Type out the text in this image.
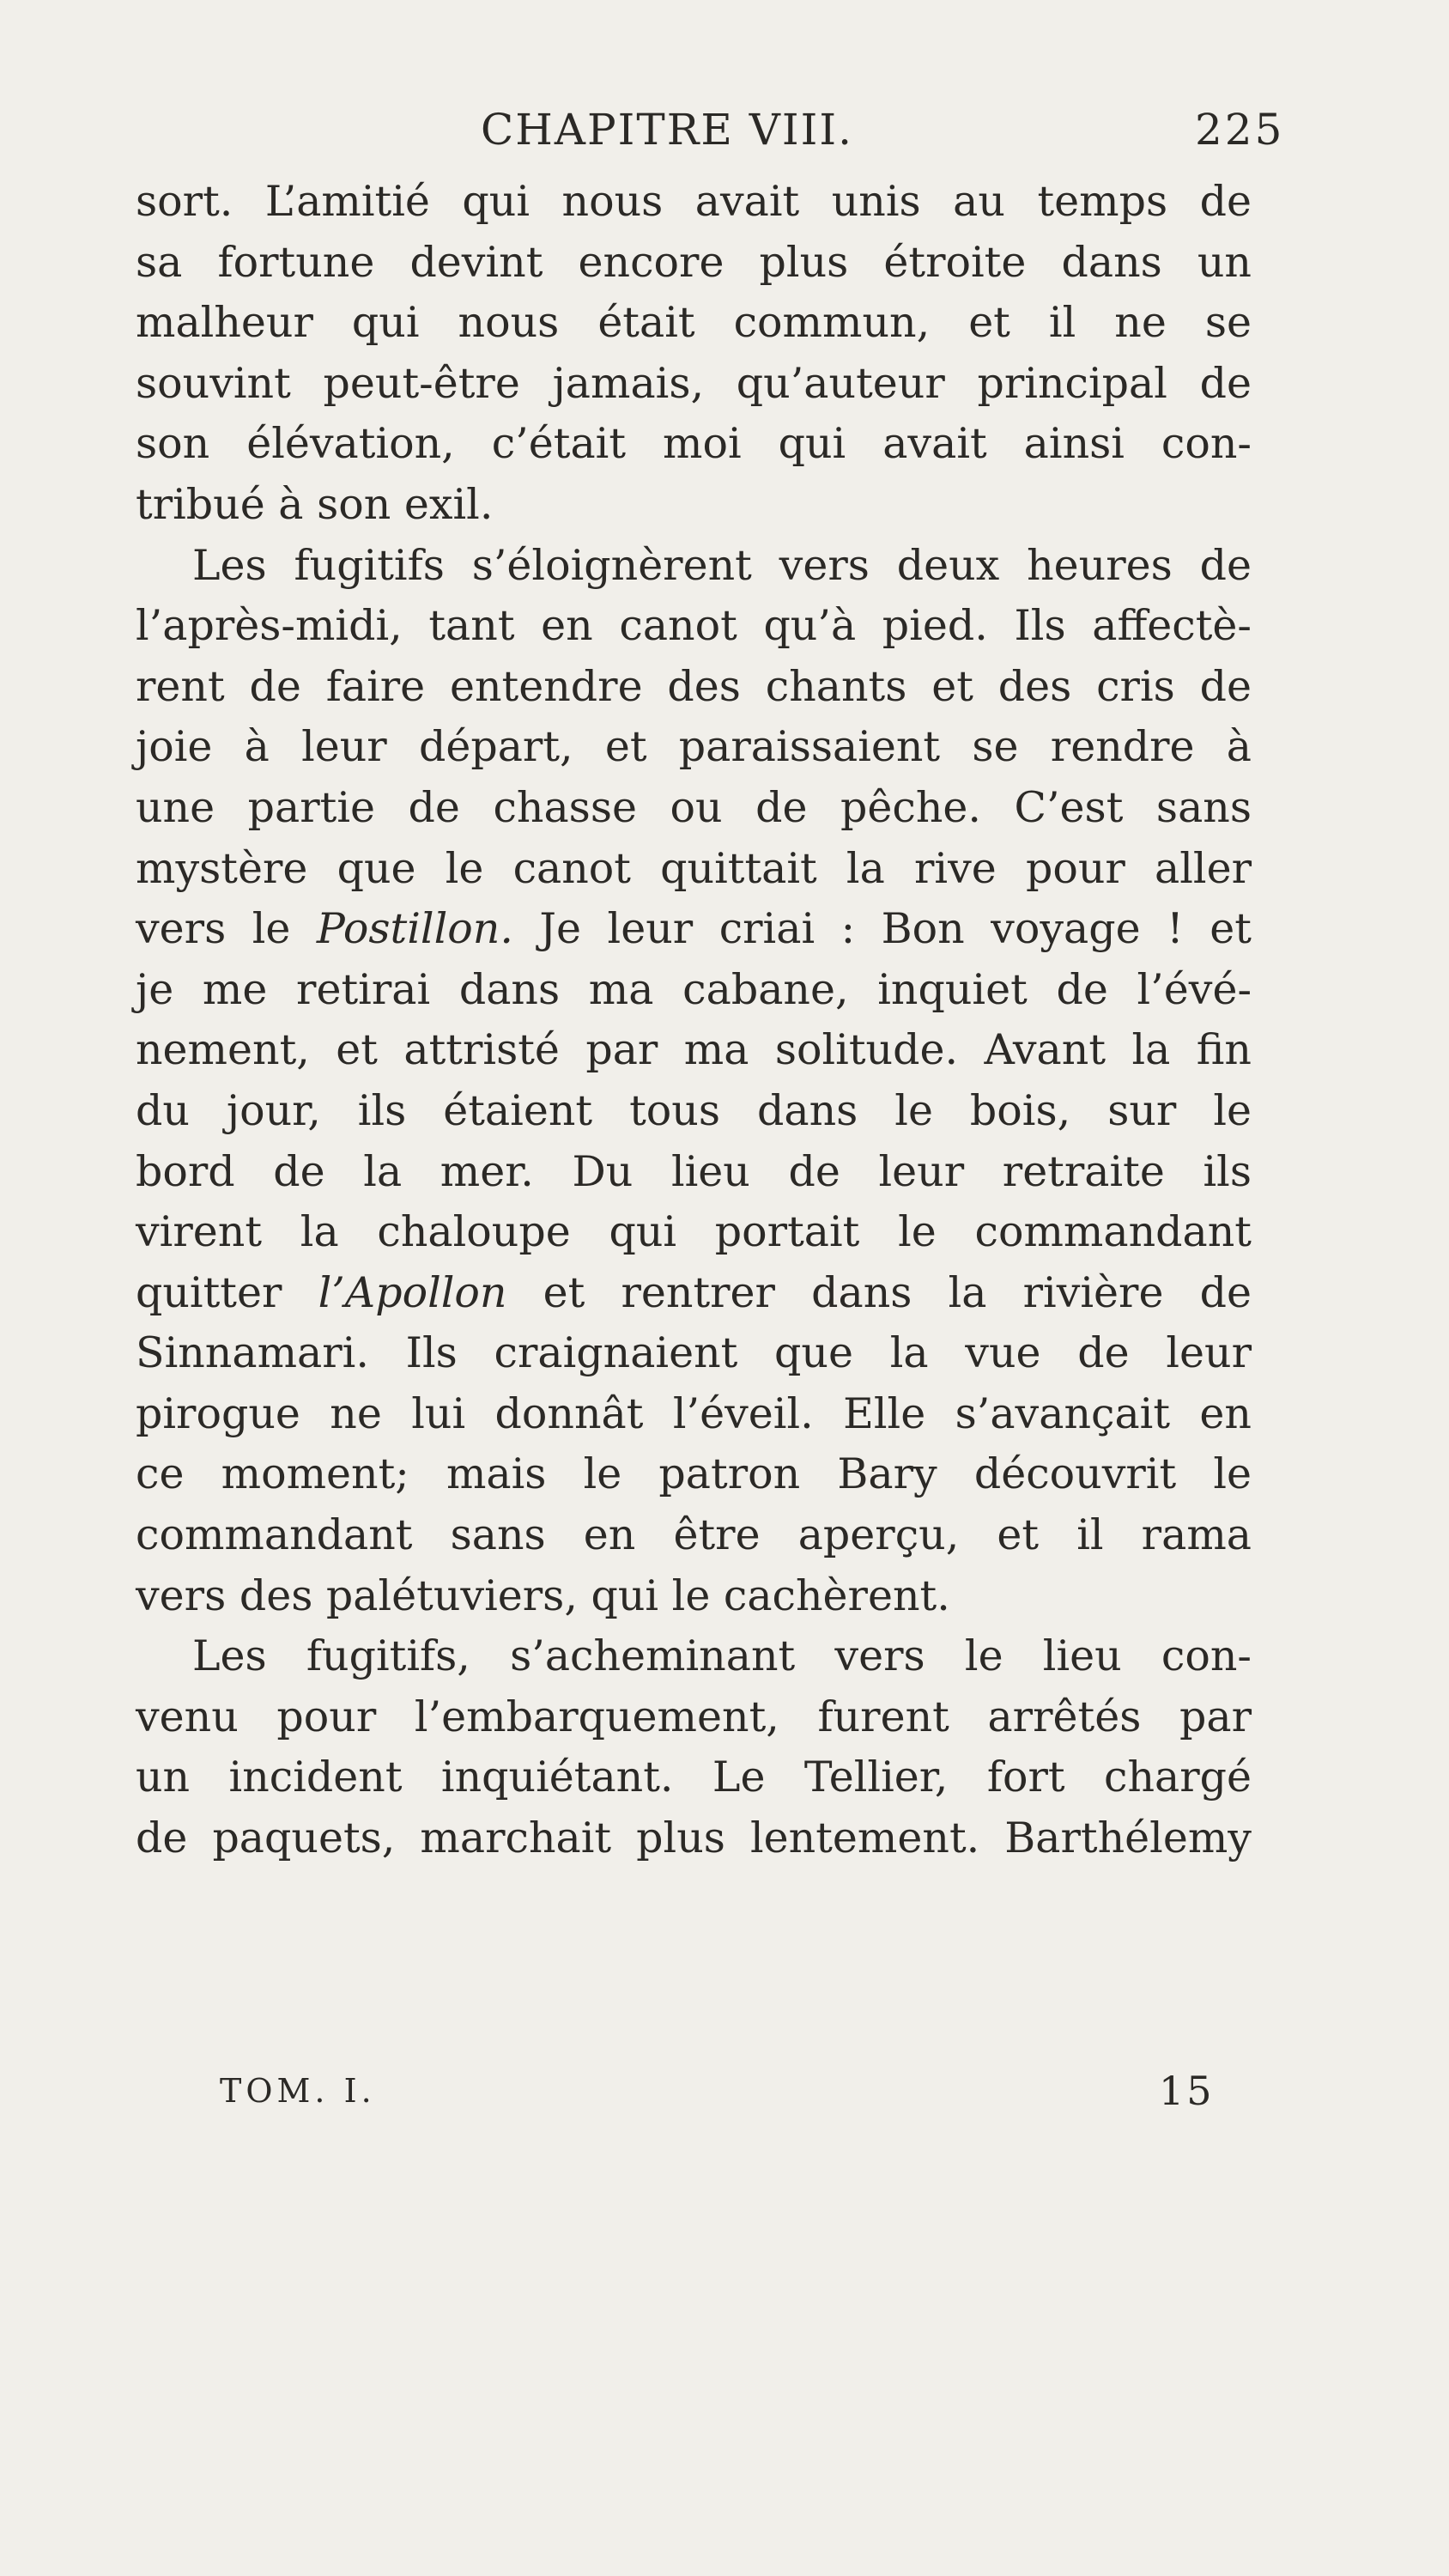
CHAPITRE VIII.	225
sort. L’amitié qui nous avait unis au temps de
sa fortune devint encore plus étroite dans un
malheur qui nous était commun, et il ne se
souvint peut-être jamais, qu’auteur principal de
son élévation, c’était moi qui avait ainsi con-
tribué à son exil.
Les fugitifs s’éloignèrent vers deux heures de
l’après-midi, tant en canot qu’à pied. Ils affectè-
rent de faire entendre des chants et des cris de
joie à leur départ, et paraissaient se rendre à
une partie de chasse ou de pêche. C’est sans
mystère que le canot quittait la rive pour aller
vers le Postillon. Je leur criai : Bon voyage ! et
je me retirai dans ma cabane, inquiet de l’évé-
nement, et attristé par ma solitude. Avant la fin
du jour, ils étaient tous dans le bois, sur le
bord de la mer. Du lieu de leur retraite ils
virent la chaloupe qui portait le commandant
quitter l’Apollon et rentrer dans la rivière de
Sinnamari. Ils craignaient que la vue de leur
pirogue ne lui donnât l’éveil. Elle s’avançait en
ce moment; mais le patron Bary découvrit le
commandant sans en être aperçu, et il rama
vers des palétuviers, qui le cachèrent.
Les fugitifs, s’acheminant vers le lieu con-
venu pour l’embarquement, furent arrêtés par
un incident inquiétant. Le Tellier, fort chargé
de paquets, marchait plus lentement. Barthélemy
TOM. I.	15
